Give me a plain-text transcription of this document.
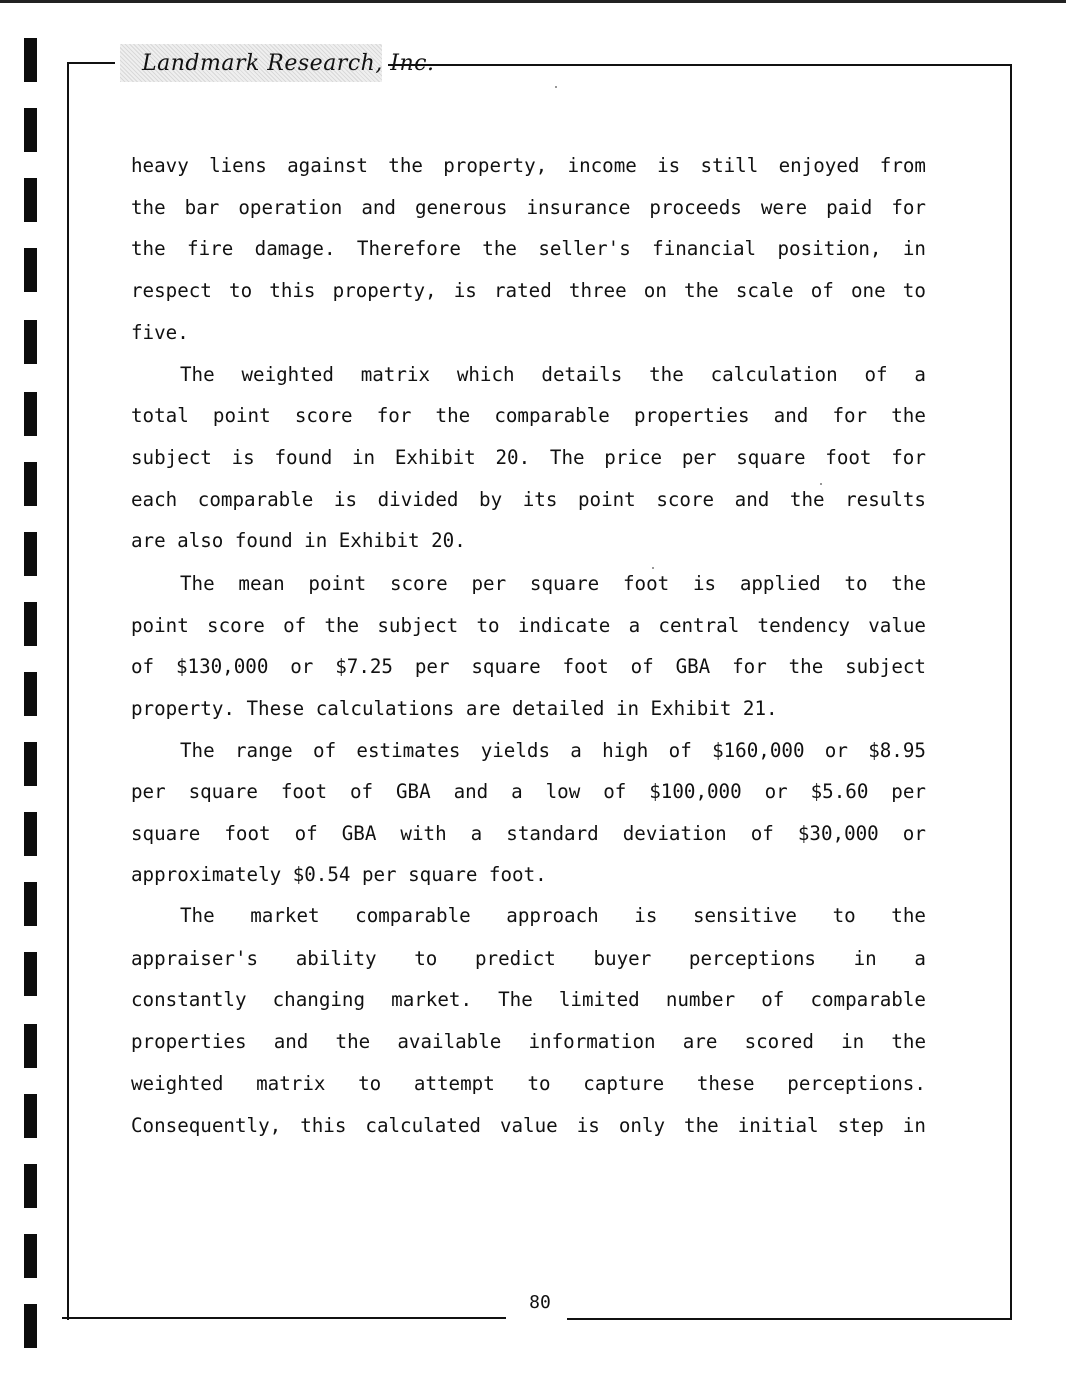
Landmark Research, Inc.
heavy liens against the property, income is still enjoyed from
the bar operation and generous insurance proceeds were paid for
the fire damage. Therefore the seller's financial position, in
respect to this property, is rated three on the scale of one to
five.
The weighted matrix which details the calculation of a
total point score for the comparable properties and for the
subject is found in Exhibit 20. The price per square foot for
each comparable is divided by its point score and the results
are also found in Exhibit 20.
The mean point score per square foot is applied to the
point score of the subject to indicate a central tendency value
of $130,000 or $7.25 per square foot of GBA for the subject
property. These calculations are detailed in Exhibit 21.
The range of estimates yields a high of $160,000 or $8.95
per square foot of GBA and a low of $100,000 or $5.60 per
square foot of GBA with a standard deviation of $30,000 or
approximately $0.54 per square foot.
The market comparable approach is sensitive to the
appraiser's ability to predict buyer perceptions in a
constantly changing market. The limited number of comparable
properties and the available information are scored in the
weighted matrix to attempt to capture these perceptions.
Consequently, this calculated value is only the initial step in
80
